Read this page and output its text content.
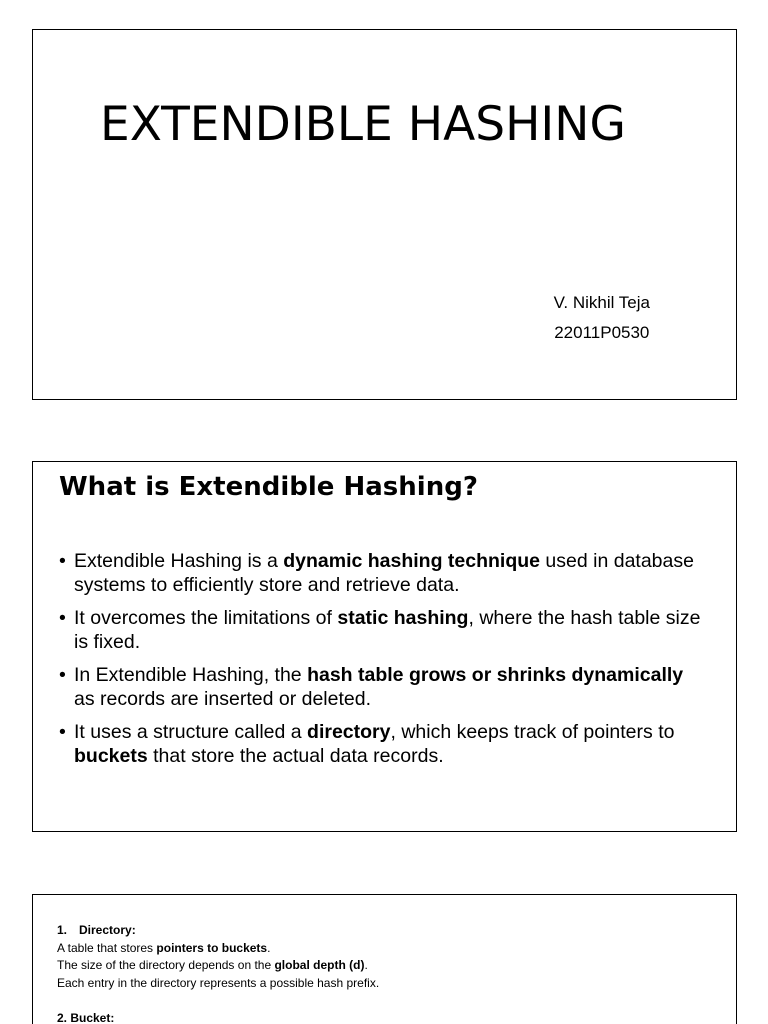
EXTENDIBLE HASHING
V. Nikhil Teja
22011P0530
What is Extendible Hashing?
• Extendible Hashing is a dynamic hashing technique used in database systems to efficiently store and retrieve data.
• It overcomes the limitations of static hashing, where the hash table size is fixed.
• In Extendible Hashing, the hash table grows or shrinks dynamically as records are inserted or deleted.
• It uses a structure called a directory, which keeps track of pointers to buckets that store the actual data records.
1. Directory:
A table that stores pointers to buckets.
The size of the directory depends on the global depth (d).
Each entry in the directory represents a possible hash prefix.
2. Bucket:
